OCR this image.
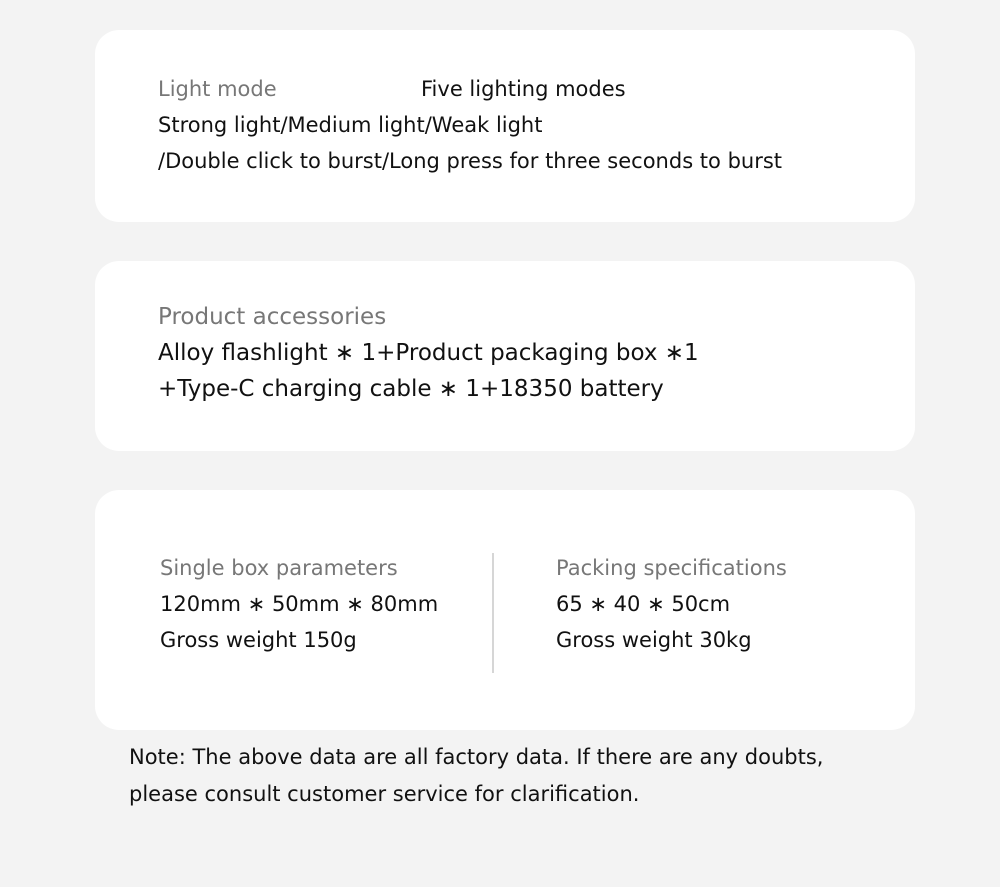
Light mode	Five lighting modes
Strong light/Medium light/Weak light
/Double click to burst/Long press for three seconds to burst
Product accessories
Alloy flashlight ∗ 1+Product packaging box ∗1
+Type-C charging cable ∗ 1+18350 battery
Single box parameters
120mm ∗ 50mm ∗ 80mm
Gross weight 150g
Packing specifications
65 ∗ 40 ∗ 50cm
Gross weight 30kg
Note: The above data are all factory data. If there are any doubts,
please consult customer service for clarification.
